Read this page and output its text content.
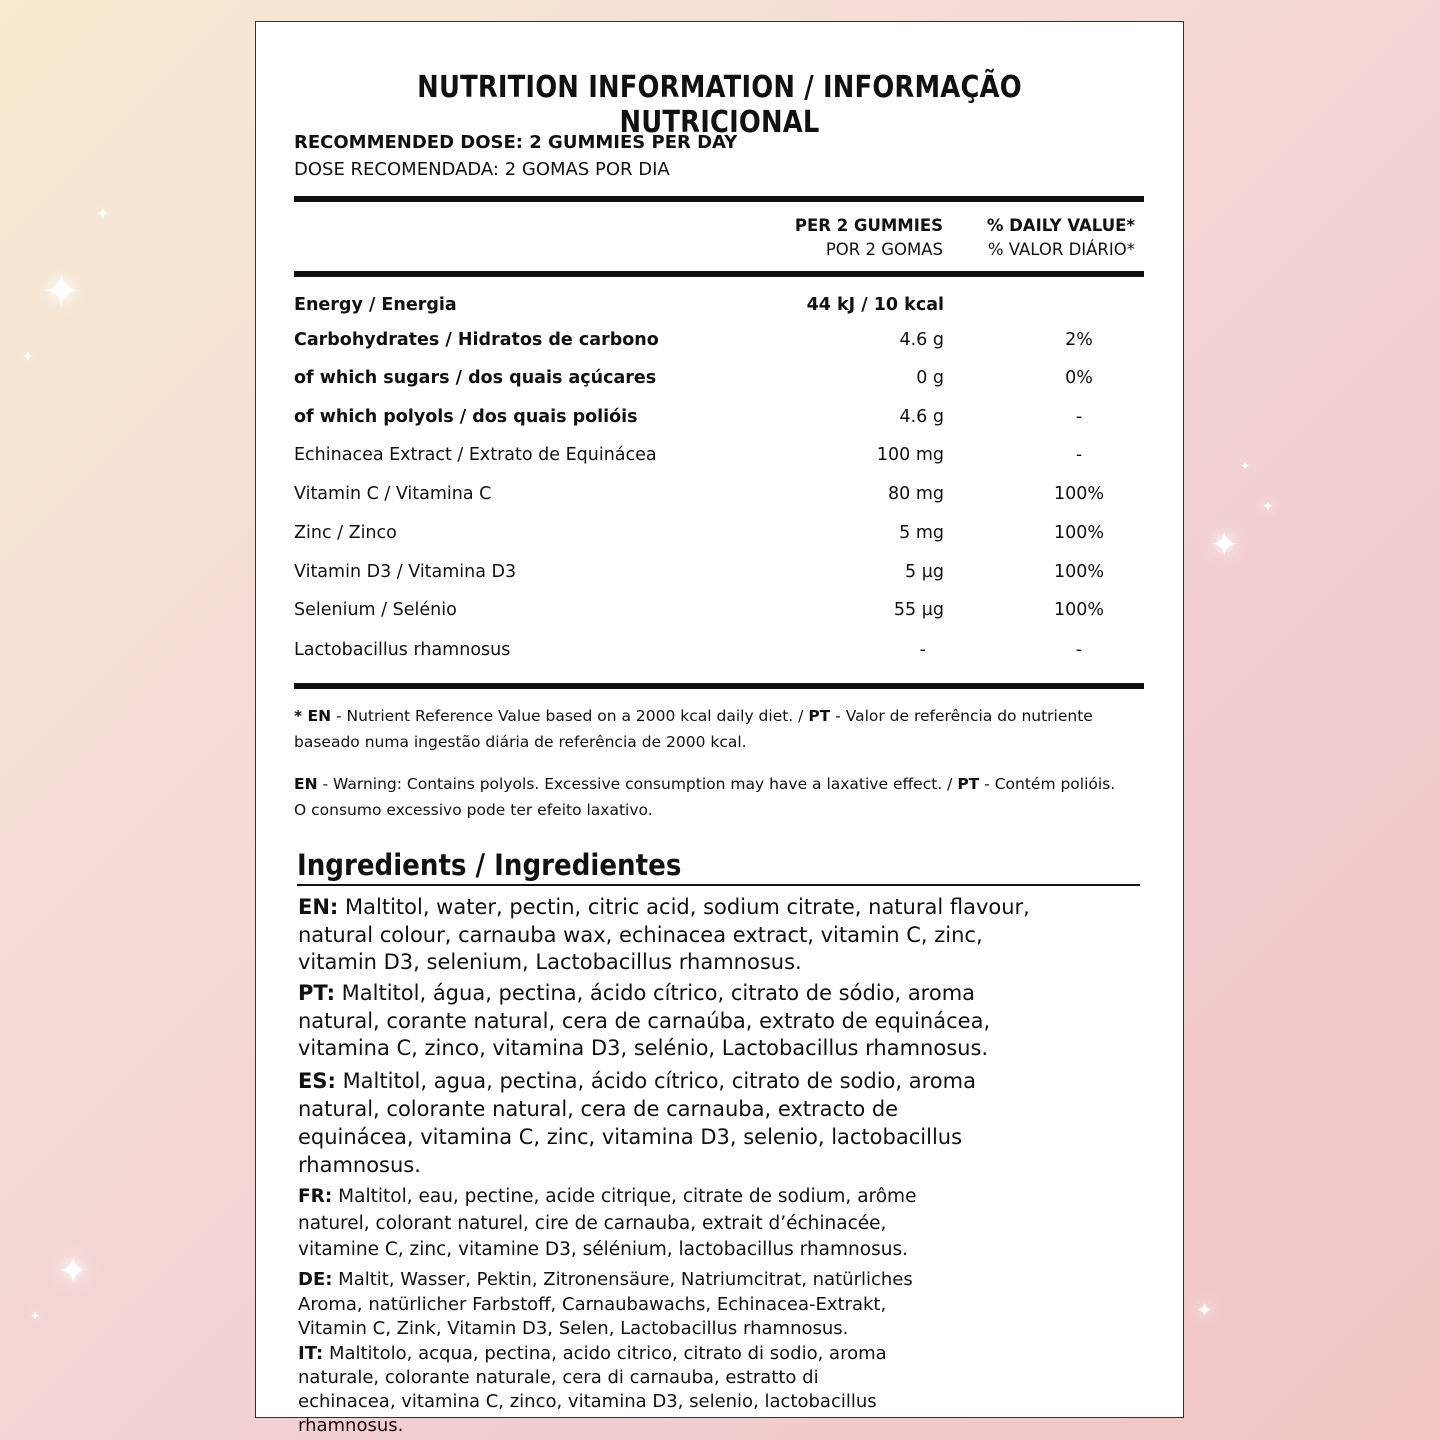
✦
✦
✦
✦
✦
✦
✦
✦	✦
NUTRITION INFORMATION / INFORMAÇÃO NUTRICIONAL
RECOMMENDED DOSE: 2 GUMMIES PER DAY
DOSE RECOMENDADA: 2 GOMAS POR DIA
PER 2 GUMMIES
POR 2 GOMAS
% DAILY VALUE*
% VALOR DIÁRIO*
Energy / Energia	44 kJ / 10 kcal
Carbohydrates / Hidratos de carbono	4.6 g	2%
of which sugars / dos quais açúcares	0 g	0%
of which polyols / dos quais polióis	4.6 g	-
Echinacea Extract / Extrato de Equinácea	100 mg	-
Vitamin C / Vitamina C	80 mg	100%
Zinc / Zinco	5 mg	100%
Vitamin D3 / Vitamina D3	5 µg	100%
Selenium / Selénio	55 µg	100%
Lactobacillus rhamnosus	-	-
* EN - Nutrient Reference Value based on a 2000 kcal daily diet. / PT - Valor de referência do nutriente
baseado numa ingestão diária de referência de 2000 kcal.
EN - Warning: Contains polyols. Excessive consumption may have a laxative effect. / PT - Contém polióis.
O consumo excessivo pode ter efeito laxativo.
Ingredients / Ingredientes
EN: Maltitol, water, pectin, citric acid, sodium citrate, natural flavour,
natural colour, carnauba wax, echinacea extract, vitamin C, zinc,
vitamin D3, selenium, Lactobacillus rhamnosus.
PT: Maltitol, água, pectina, ácido cítrico, citrato de sódio, aroma
natural, corante natural, cera de carnaúba, extrato de equinácea,
vitamina C, zinco, vitamina D3, selénio, Lactobacillus rhamnosus.
ES: Maltitol, agua, pectina, ácido cítrico, citrato de sodio, aroma
natural, colorante natural, cera de carnauba, extracto de
equinácea, vitamina C, zinc, vitamina D3, selenio, lactobacillus
rhamnosus.
FR: Maltitol, eau, pectine, acide citrique, citrate de sodium, arôme
naturel, colorant naturel, cire de carnauba, extrait d’échinacée,
vitamine C, zinc, vitamine D3, sélénium, lactobacillus rhamnosus.
DE: Maltit, Wasser, Pektin, Zitronensäure, Natriumcitrat, natürliches
Aroma, natürlicher Farbstoff, Carnaubawachs, Echinacea-Extrakt,
Vitamin C, Zink, Vitamin D3, Selen, Lactobacillus rhamnosus.
IT: Maltitolo, acqua, pectina, acido citrico, citrato di sodio, aroma
naturale, colorante naturale, cera di carnauba, estratto di
echinacea, vitamina C, zinco, vitamina D3, selenio, lactobacillus
rhamnosus.
